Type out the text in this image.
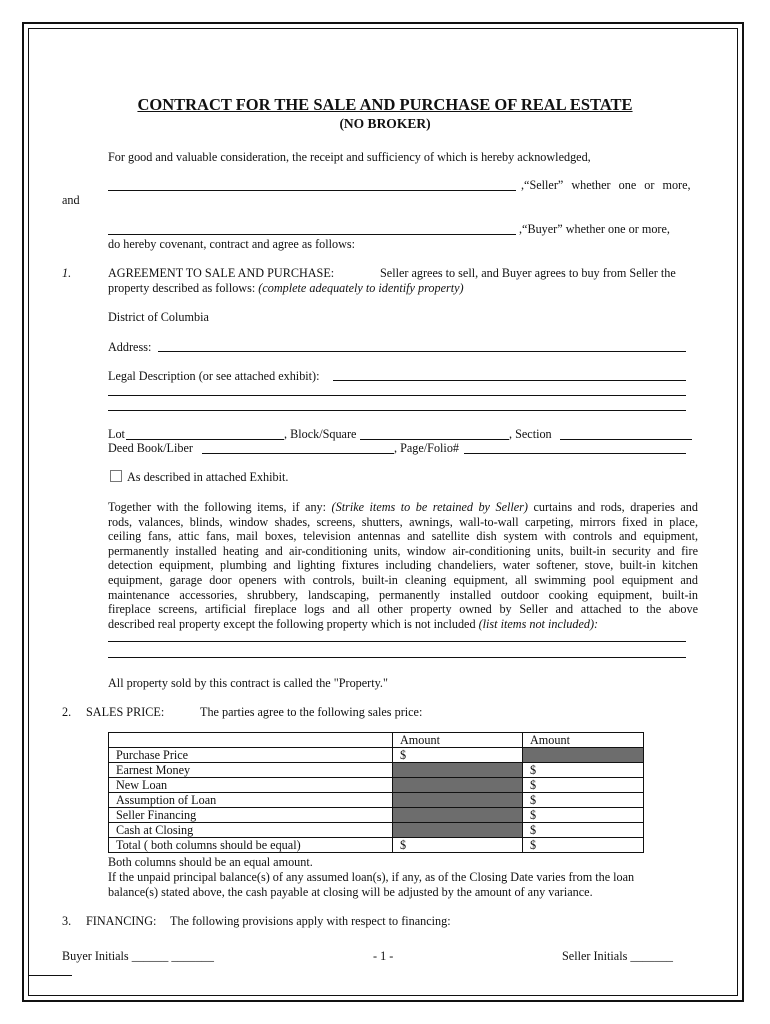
CONTRACT FOR THE SALE AND PURCHASE OF REAL ESTATE
(NO BROKER)
For good and valuable consideration, the receipt and sufficiency of which is hereby acknowledged,
,“Seller” whether one or more,
and
,“Buyer” whether one or more,
do hereby covenant, contract and agree as follows:
1.	AGREEMENT TO SALE AND PURCHASE:	Seller agrees to sell, and Buyer agrees to buy from Seller the
property described as follows: (complete adequately to identify property)
District of Columbia
Address:
Legal Description (or see attached exhibit):
Lot	, Block/Square	, Section
Deed Book/Liber	, Page/Folio#
As described in attached Exhibit.
Together with the following items, if any: (Strike items to be retained by Seller) curtains and rods, draperies and
rods, valances, blinds, window shades, screens, shutters, awnings, wall-to-wall carpeting, mirrors fixed in place,
ceiling fans, attic fans, mail boxes, television antennas and satellite dish system with controls and equipment,
permanently installed heating and air-conditioning units, window air-conditioning units, built-in security and fire
detection equipment, plumbing and lighting fixtures including chandeliers, water softener, stove, built-in kitchen
equipment, garage door openers with controls, built-in cleaning equipment, all swimming pool equipment and
maintenance accessories, shrubbery, landscaping, permanently installed outdoor cooking equipment, built-in
fireplace screens, artificial fireplace logs and all other property owned by Seller and attached to the above
described real property except the following property which is not included (list items not included):
All property sold by this contract is called the "Property."
2. SALES PRICE:	The parties agree to the following sales price:
	Amount	Amount
Purchase Price	$	
Earnest Money		$
New Loan		$
Assumption of Loan		$
Seller Financing		$
Cash at Closing		$
Total ( both columns should be equal)	$	$
Both columns should be an equal amount.
If the unpaid principal balance(s) of any assumed loan(s), if any, as of the Closing Date varies from the loan
balance(s) stated above, the cash payable at closing will be adjusted by the amount of any variance.
3. FINANCING: The following provisions apply with respect to financing:
Buyer Initials ______ _______	- 1 -	Seller Initials _______
